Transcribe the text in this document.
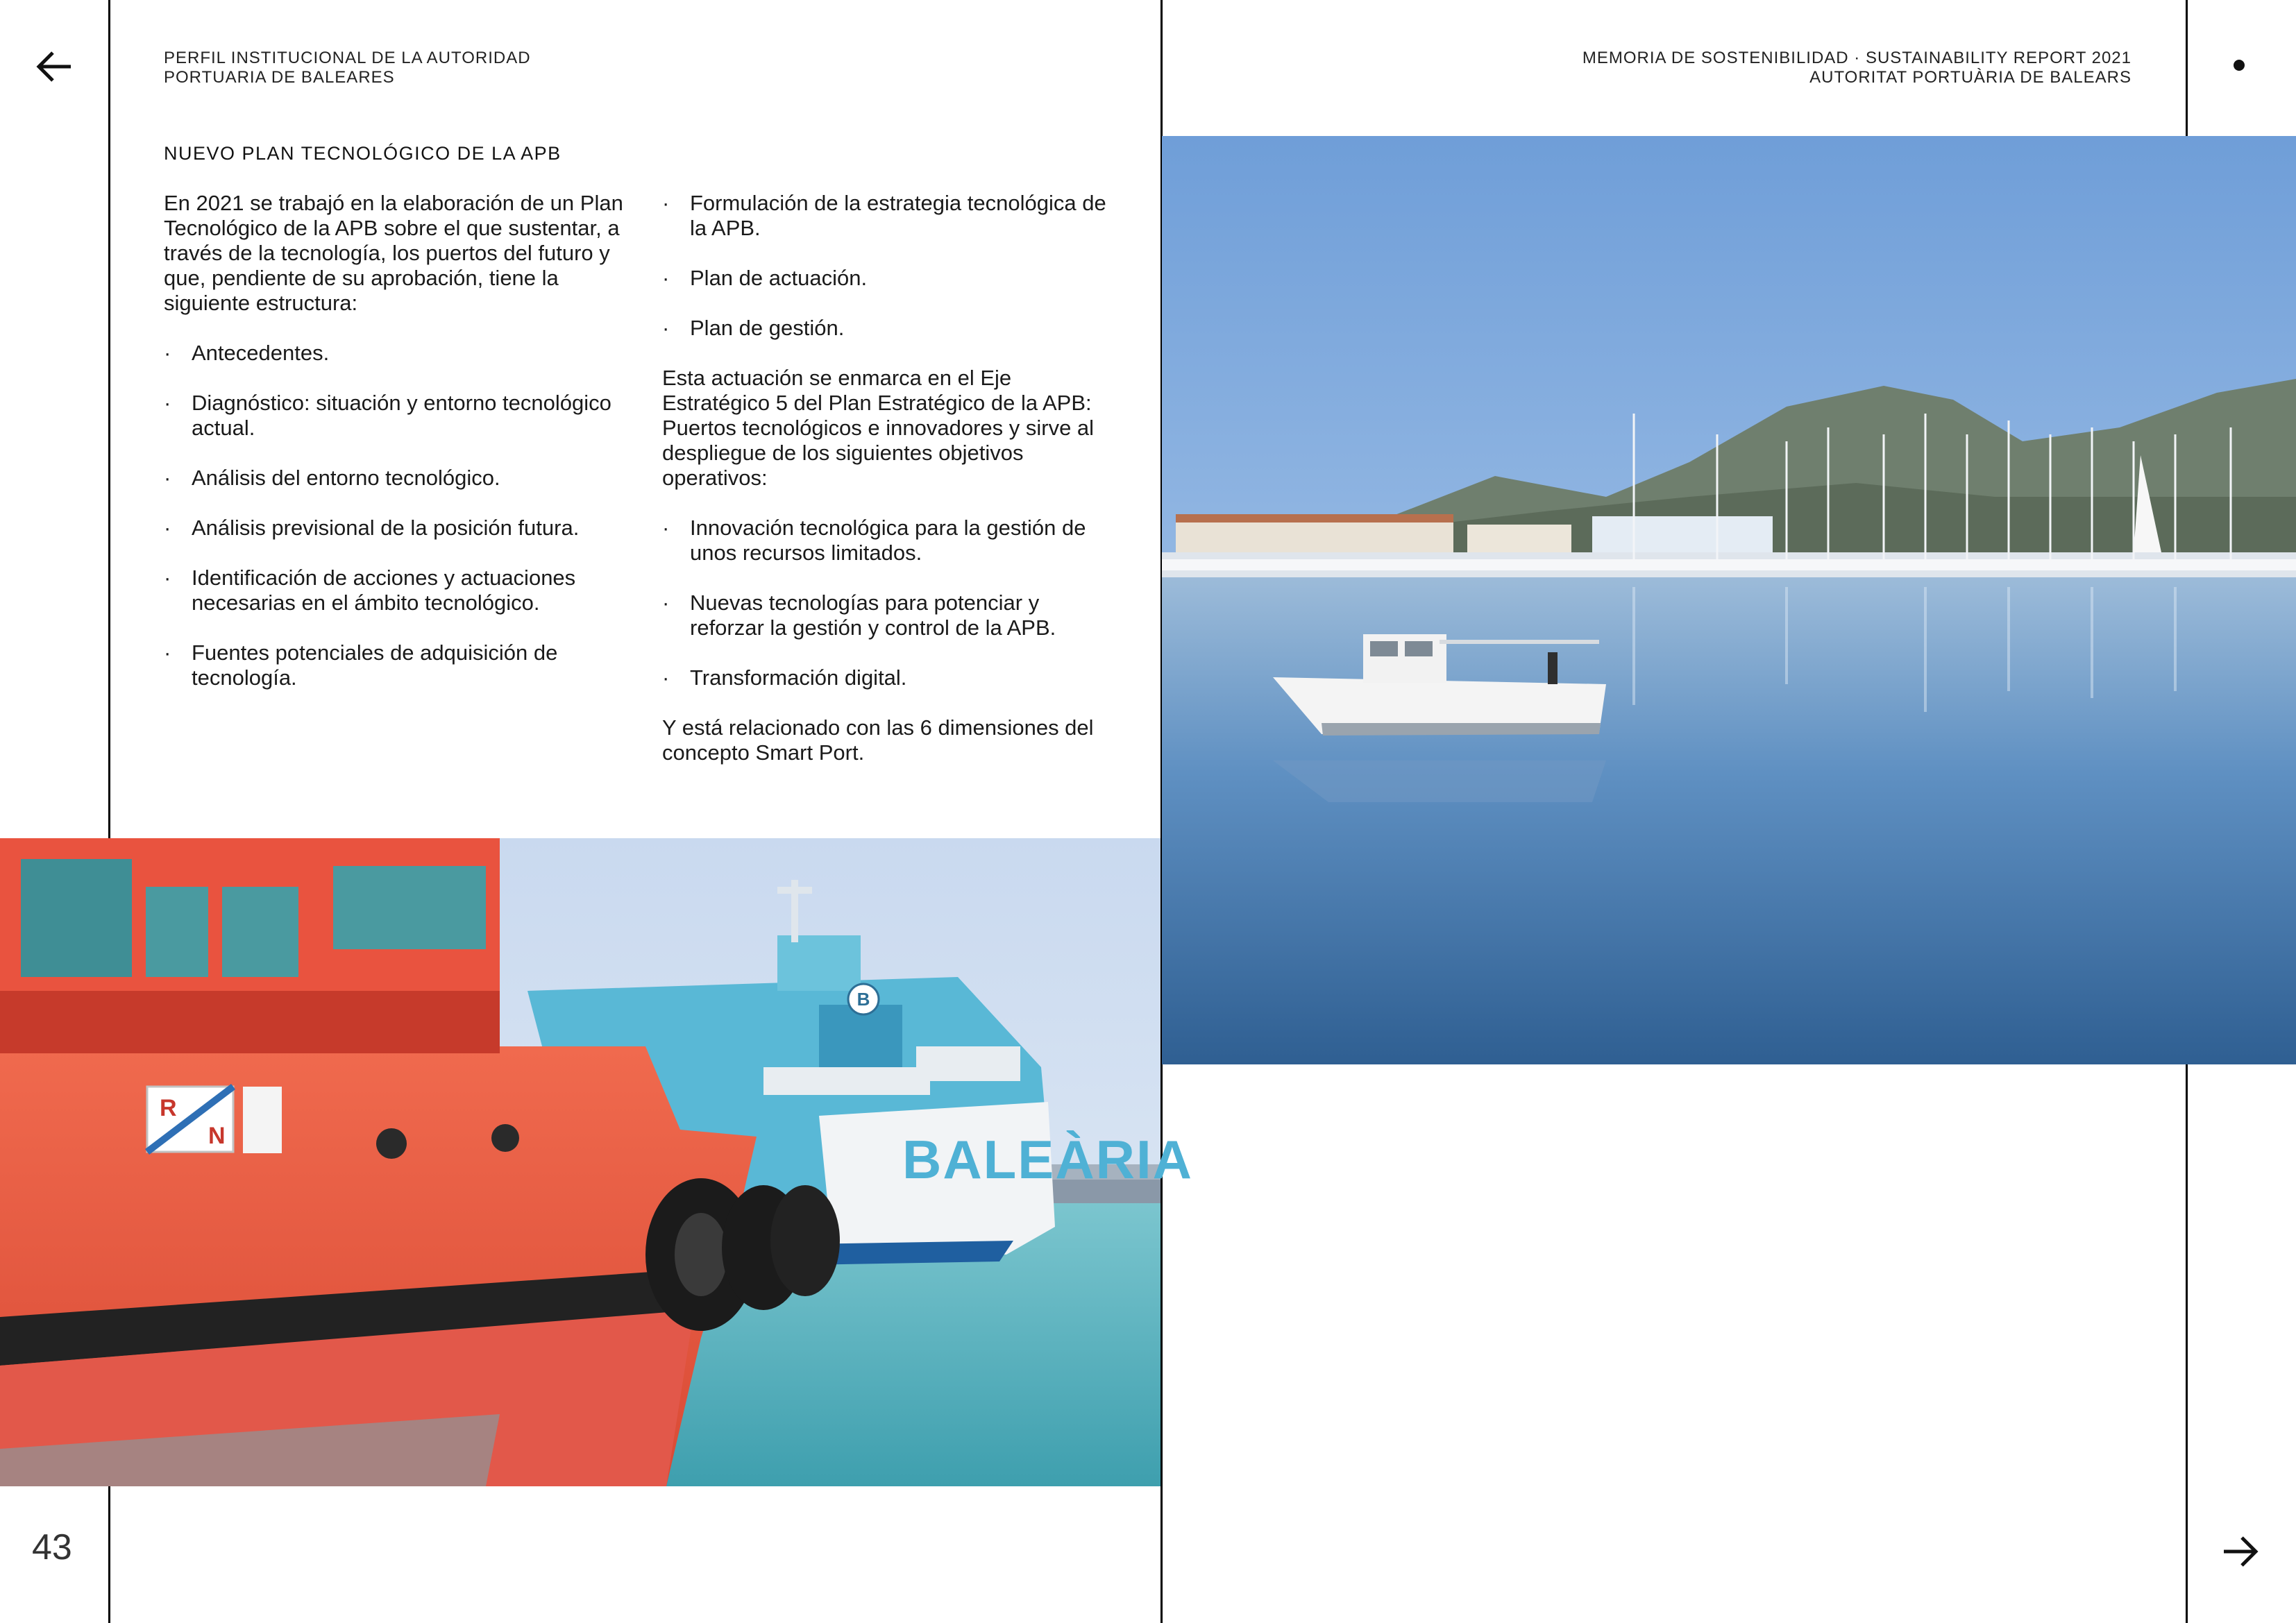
PERFIL INSTITUCIONAL DE LA AUTORIDAD
PORTUARIA DE BALEARES
MEMORIA DE SOSTENIBILIDAD · SUSTAINABILITY REPORT 2021
AUTORITAT PORTUÀRIA DE BALEARS
NUEVO PLAN TECNOLÓGICO DE LA APB

En 2021 se trabajó en la elaboración de un Plan Tecnológico de la APB sobre el que sustentar, a través de la tecnología, los puertos del futuro y que, pendiente de su aprobación, tiene la siguiente estructura:

· Antecedentes.
· Diagnóstico: situación y entorno tecnológico actual.
· Análisis del entorno tecnológico.
· Análisis previsional de la posición futura.
· Identificación de acciones y actuaciones necesarias en el ámbito tecnológico.
· Fuentes potenciales de adquisición de tecnología.
· Formulación de la estrategia tecnológica de la APB.
· Plan de actuación.
· Plan de gestión.

Esta actuación se enmarca en el Eje Estratégico 5 del Plan Estratégico de la APB: Puertos tecnológicos e innovadores y sirve al despliegue de los siguientes objetivos operativos:

· Innovación tecnológica para la gestión de unos recursos limitados.
· Nuevas tecnologías para potenciar y reforzar la gestión y control de la APB.
· Transformación digital.

Y está relacionado con las 6 dimensiones del concepto Smart Port.

B
BALEÀRIA
R
N
43
